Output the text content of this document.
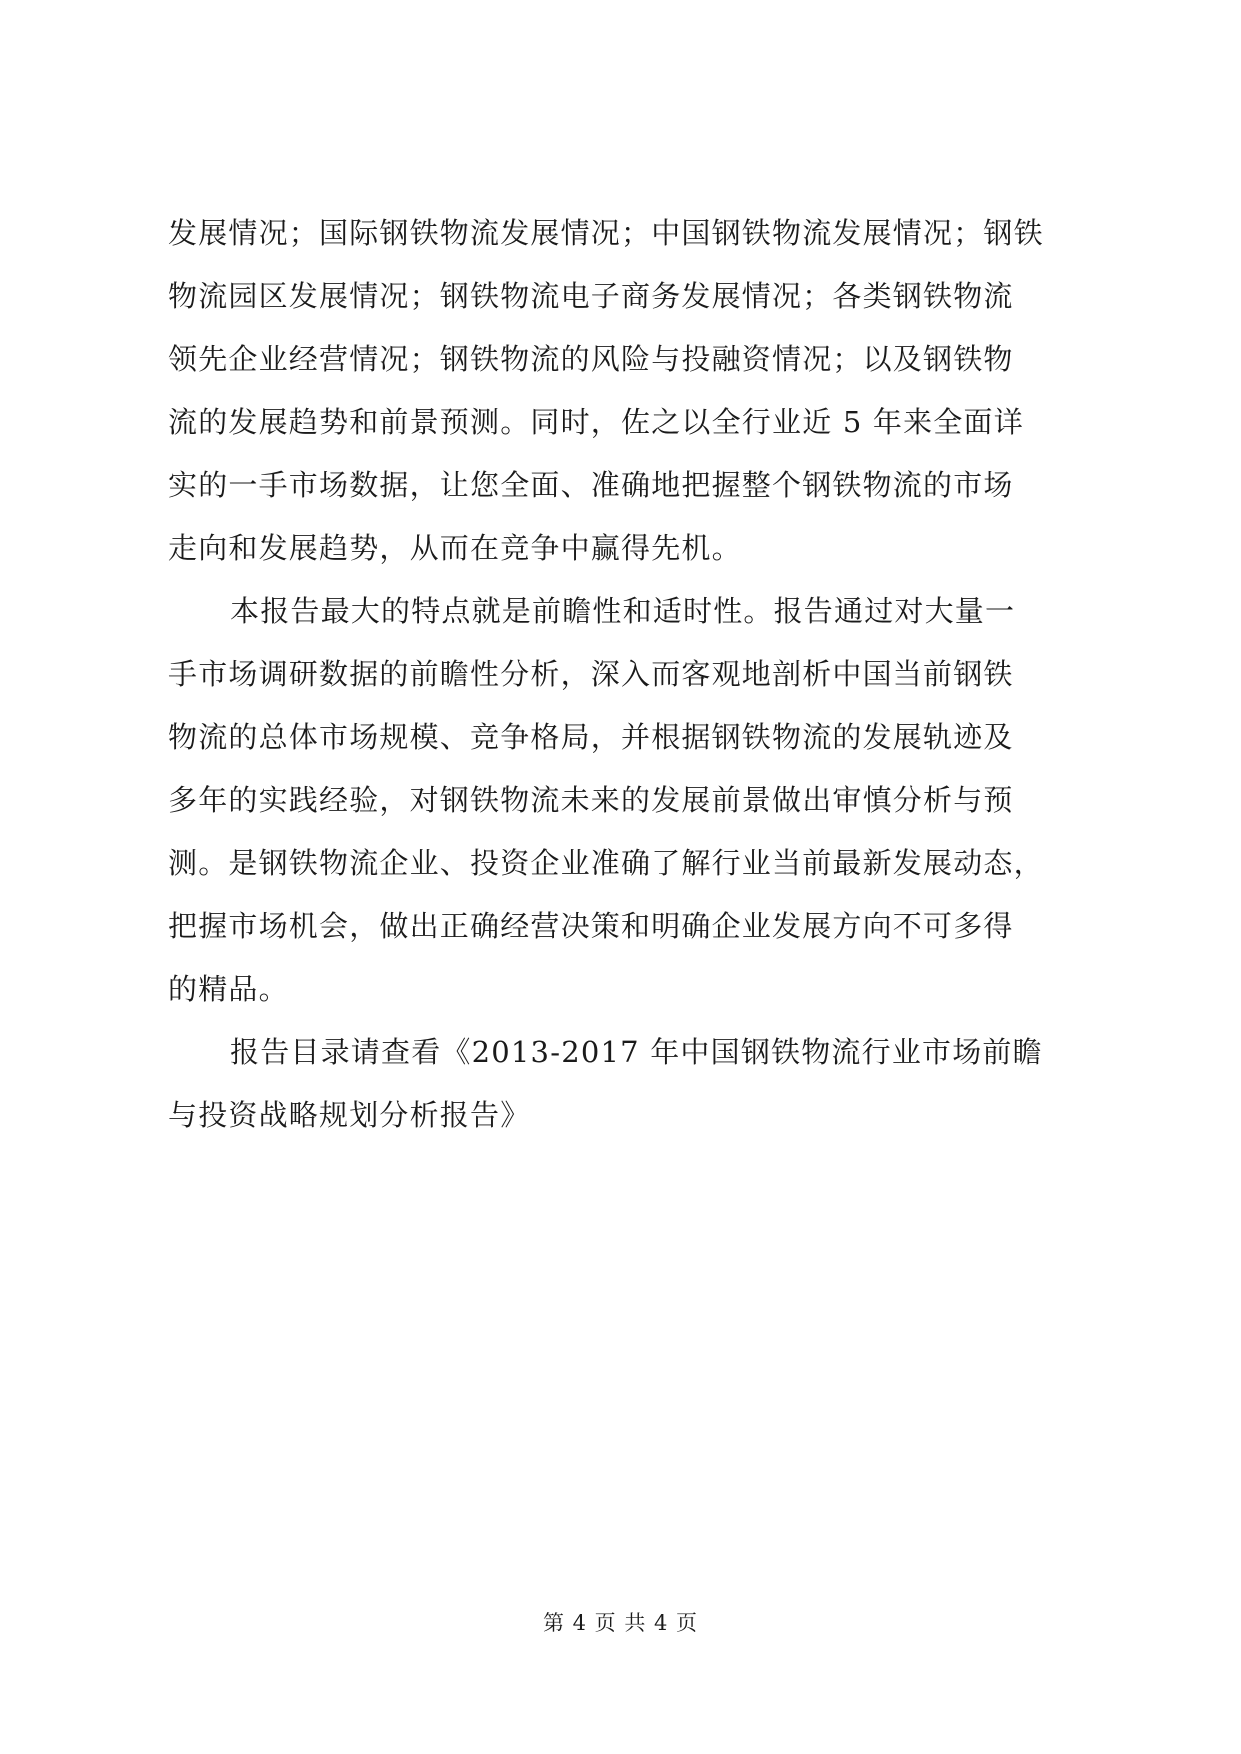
发展情况；国际钢铁物流发展情况；中国钢铁物流发展情况；钢铁
物流园区发展情况；钢铁物流电子商务发展情况；各类钢铁物流
领先企业经营情况；钢铁物流的风险与投融资情况；以及钢铁物
流的发展趋势和前景预测。同时，佐之以全行业近 5 年来全面详
实的一手市场数据，让您全面、准确地把握整个钢铁物流的市场
走向和发展趋势，从而在竞争中赢得先机。
本报告最大的特点就是前瞻性和适时性。报告通过对大量一
手市场调研数据的前瞻性分析，深入而客观地剖析中国当前钢铁
物流的总体市场规模、竞争格局，并根据钢铁物流的发展轨迹及
多年的实践经验，对钢铁物流未来的发展前景做出审慎分析与预
测。是钢铁物流企业、投资企业准确了解行业当前最新发展动态，
把握市场机会，做出正确经营决策和明确企业发展方向不可多得
的精品。
报告目录请查看《2013-2017 年中国钢铁物流行业市场前瞻
与投资战略规划分析报告》
第 4 页 共 4 页
